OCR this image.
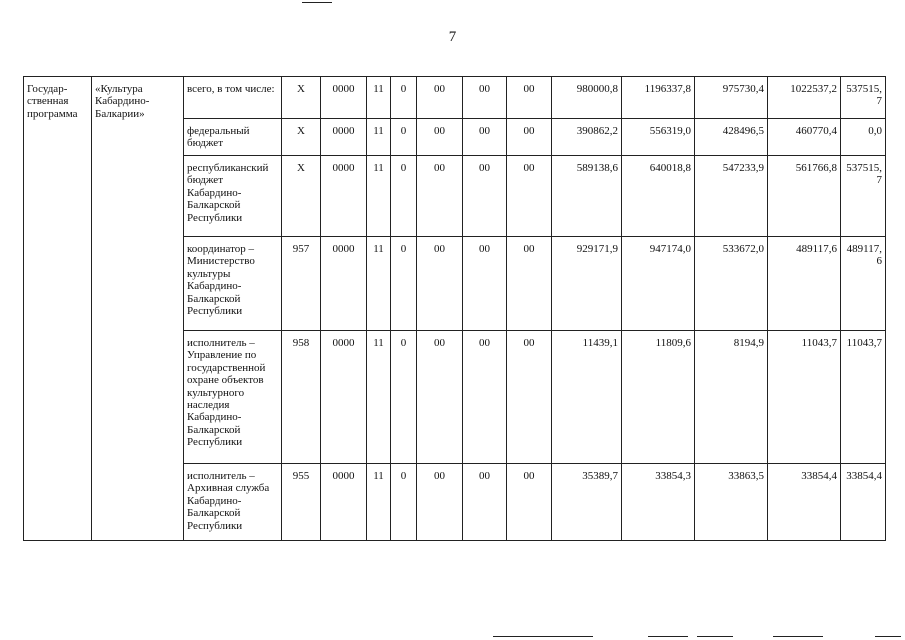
7
Государ-ственная программа	«Культура Кабардино-Балкарии»	всего, в том числе:	Х	0000	11	0	00	00	00	980000,8	1196337,8	975730,4	1022537,2	537515,7
		федеральный бюджет	Х	0000	11	0	00	00	00	390862,2	556319,0	428496,5	460770,4	0,0
		республиканский бюджет Кабардино-Балкарской Республики	Х	0000	11	0	00	00	00	589138,6	640018,8	547233,9	561766,8	537515,7
		координатор – Министерство культуры Кабардино-Балкарской Республики	957	0000	11	0	00	00	00	929171,9	947174,0	533672,0	489117,6	489117,6
		исполнитель – Управление по государственной охране объектов культурного наследия Кабардино-Балкарской Республики	958	0000	11	0	00	00	00	11439,1	11809,6	8194,9	11043,7	11043,7
		исполнитель – Архивная служба Кабардино-Балкарской Республики	955	0000	11	0	00	00	00	35389,7	33854,3	33863,5	33854,4	33854,4
